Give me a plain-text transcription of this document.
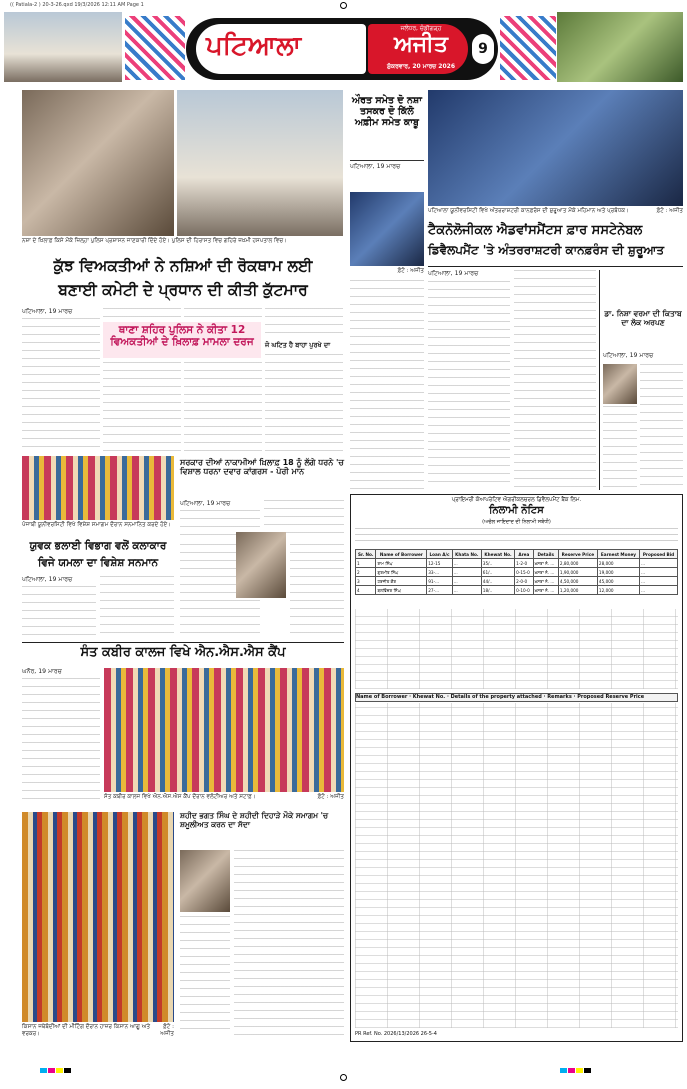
(( Patiala-2 ) 20-3-26.qxd 19/3/2026 12:11 AM Page 1
ਪਟਿਆਲਾ
ਜਲੰਧਰ, ਚੰਡੀਗੜ੍ਹ
ਅਜੀਤ
ਸ਼ੁੱਕਰਵਾਰ, 20 ਮਾਰਚ 2026
9
ਨਸ਼ਾ ਦੇ ਖ਼ਿਲਾਫ਼ ਕਿਸੇ ਮੌਕੇ ਜ਼ਿਲ੍ਹਾ ਪੁਲਿਸ ਪ੍ਰਸ਼ਾਸਨ ਜਾਣਕਾਰੀ ਦਿੰਦੇ ਹੋਏ। ਪੁਲਿਸ ਦੀ ਹਿਰਾਸਤ ਵਿਚ ਗਹਿਰੇ ਜ਼ਖ਼ਮੀ ਹਸਪਤਾਲ ਵਿਚ।
ਔਰਤ ਸਮੇਤ ਦੋ ਨਸ਼ਾ ਤਸਕਰ ਦੋ ਕਿੱਲੋ ਅਫ਼ੀਮ ਸਮੇਤ ਕਾਬੂ
ਪਟਿਆਲਾ, 19 ਮਾਰਚ
ਫ਼ੋਟੋ : ਅਜੀਤ
ਪਟਿਆਲਾ ਯੂਨੀਵਰਸਿਟੀ ਵਿਖੇ ਅੰਤਰਰਾਸ਼ਟਰੀ ਕਾਨਫ਼ਰੰਸ ਦੀ ਸ਼ੁਰੂਆਤ ਮੌਕੇ ਮਹਿਮਾਨ ਅਤੇ ਪ੍ਰਬੰਧਕ।	ਫ਼ੋਟੋ : ਅਜੀਤ
ਟੈਕਨੋਲੋਜੀਕਲ ਐਡਵਾਂਸਮੈਂਟਸ ਫ਼ਾਰ ਸਸਟੇਨੇਬਲ
ਡਿਵੈਲਪਮੈਂਟ 'ਤੇ ਅੰਤਰਰਾਸ਼ਟਰੀ ਕਾਨਫ਼ਰੰਸ ਦੀ ਸ਼ੁਰੂਆਤ
ਕੁੱਝ ਵਿਅਕਤੀਆਂ ਨੇ ਨਸ਼ਿਆਂ ਦੀ ਰੋਕਥਾਮ ਲਈ
ਬਣਾਈ ਕਮੇਟੀ ਦੇ ਪ੍ਰਧਾਨ ਦੀ ਕੀਤੀ ਕੁੱਟਮਾਰ
ਪਟਿਆਲਾ, 19 ਮਾਰਚ
ਥਾਣਾ ਸ਼ਹਿਰ ਪੁਲਿਸ ਨੇ ਕੀਤਾ 12 ਵਿਅਕਤੀਆਂ ਦੇ ਖ਼ਿਲਾਫ਼ ਮਾਮਲਾ ਦਰਜ	ਜੋ ਘਟਿਤ ਹੈ ਬਾਹਾ ਪੁਰਖੇ ਦਾ
ਪਟਿਆਲਾ, 19 ਮਾਰਚ
ਡਾ. ਨਿਸ਼ਾ ਵਰਮਾ ਦੀ ਕਿਤਾਬ ਦਾ ਲੋਕ ਅਰਪਣ
ਪਟਿਆਲਾ, 19 ਮਾਰਚ
ਪੰਜਾਬੀ ਯੂਨੀਵਰਸਿਟੀ ਵਿਖੇ ਵਿਸ਼ੇਸ਼ ਸਮਾਗਮ ਦੌਰਾਨ ਸਨਮਾਨਿਤ ਕਰਦੇ ਹੋਏ।
ਸਰਕਾਰ ਦੀਆਂ ਨਾਕਾਮੀਆਂ ਖ਼ਿਲਾਫ਼ 18 ਨੂੰ ਲੱਗੇ ਧਰਨੇ 'ਚ ਵਿਸ਼ਾਲ ਧਰਨਾ ਦਵਾਰ ਕਾਂਗਰਸ - ਪੋਰੀ ਮਾਨ
ਪਟਿਆਲਾ, 19 ਮਾਰਚ
ਯੁਵਕ ਭਲਾਈ ਵਿਭਾਗ ਵਲੋਂ ਕਲਾਕਾਰ
ਵਿਜੇ ਯਮਲਾ ਦਾ ਵਿਸ਼ੇਸ਼ ਸਨਮਾਨ
ਪਟਿਆਲਾ, 19 ਮਾਰਚ
ਸੰਤ ਕਬੀਰ ਕਾਲਜ ਵਿਖੇ ਐਨ.ਐਸ.ਐਸ ਕੈਂਪ
ਘਨੌਰ, 19 ਮਾਰਚ
ਸੰਤ ਕਬੀਰ ਕਾਲਜ ਵਿਖੇ ਐਨ.ਐਸ.ਐਸ ਕੈਂਪ ਦੌਰਾਨ ਵਲੰਟੀਅਰ ਅਤੇ ਸਟਾਫ਼।	ਫ਼ੋਟੋ : ਅਜੀਤ
ਕਿਸਾਨ ਜਥੇਬੰਦੀਆਂ ਦੀ ਮੀਟਿੰਗ ਦੌਰਾਨ ਹਾਜ਼ਰ ਕਿਸਾਨ ਆਗੂ ਅਤੇ ਵਰਕਰ।
ਫ਼ੋਟੋ : ਅਜੀਤ
ਸ਼ਹੀਦ ਭਗਤ ਸਿੰਘ ਦੇ ਸ਼ਹੀਦੀ ਦਿਹਾੜੇ ਮੌਕੇ ਸਮਾਗਮ 'ਚ ਸ਼ਮੂਲੀਅਤ ਕਰਨ ਦਾ ਸੱਦਾ
ਪ੍ਰਾਇਮਰੀ ਕੋਆਪਰੇਟਿਵ ਐਗਰੀਕਲਚਰਲ ਡਿਵੈਲਪਮੈਂਟ ਬੈਂਕ ਲਿਮ.
ਨਿਲਾਮੀ ਨੋਟਿਸ
(ਅਚੱਲ ਜਾਇਦਾਦ ਦੀ ਨਿਲਾਮੀ ਸਬੰਧੀ)
Sr. No.	Name of Borrower	Loan A/c	Khata No.	Khewat No.	Area	Details	Reserve Price	Earnest Money	Proposed Bid
1	ਰਾਮ ਸਿੰਘ	12-15	...	35/..	1-2-0	ਖ਼ਸਰਾ ਨੰ. ...	2,80,000	28,000	...
2	ਗੁਰਮੀਤ ਸਿੰਘ	33-...	...	61/..	0-15-0	ਖ਼ਸਰਾ ਨੰ. ...	1,90,000	19,000	...
3	ਹਰਜੀਤ ਕੌਰ	91-...	...	44/..	2-0-0	ਖ਼ਸਰਾ ਨੰ. ...	4,50,000	45,000	...
4	ਬਲਵਿੰਦਰ ਸਿੰਘ	27-...	...	18/..	0-10-0	ਖ਼ਸਰਾ ਨੰ. ...	1,20,000	12,000	...
Name of Borrower · Khewat No. · Details of the property attached · Remarks · Proposed Reserve Price
PR Ref. No. 2026/13/2026 26-5-4
